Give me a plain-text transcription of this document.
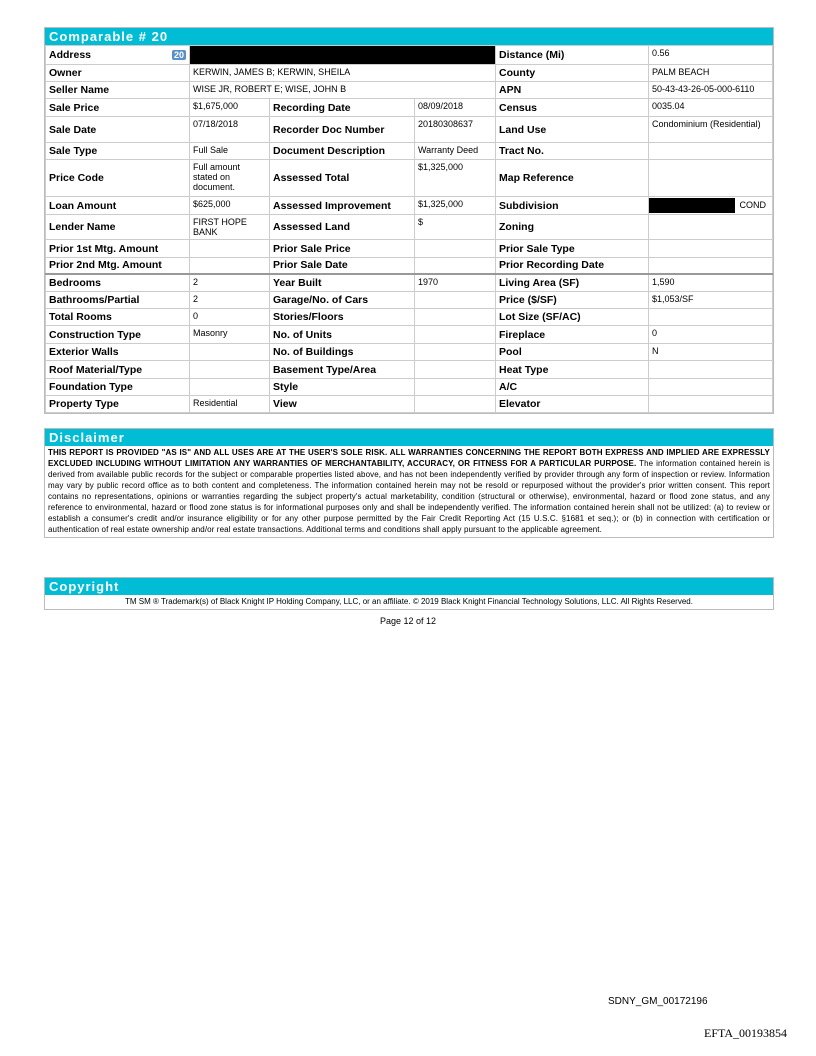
Comparable # 20
Address 20				Distance (Mi)	0.56
Owner	KERWIN, JAMES B; KERWIN, SHEILA			County	PALM BEACH
Seller Name	WISE JR, ROBERT E; WISE, JOHN B			APN	50-43-43-26-05-000-6110
Sale Price	$1,675,000	Recording Date	08/09/2018	Census	0035.04
Sale Date	07/18/2018	Recorder Doc Number	20180308637	Land Use	Condominium (Residential)
Sale Type	Full Sale	Document Description	Warranty Deed	Tract No.	
Price Code	Full amount stated on document.	Assessed Total	$1,325,000	Map Reference	
Loan Amount	$625,000	Assessed Improvement	$1,325,000	Subdivision	COND

Lender Name	FIRST HOPE BANK	Assessed Land	$	Zoning	
Prior 1st Mtg. Amount		Prior Sale Price		Prior Sale Type	
Prior 2nd Mtg. Amount		Prior Sale Date		Prior Recording Date	
Bedrooms	2	Year Built	1970	Living Area (SF)	1,590
Bathrooms/Partial	2	Garage/No. of Cars		Price ($/SF)	$1,053/SF
Total Rooms	0	Stories/Floors		Lot Size (SF/AC)	
Construction Type	Masonry	No. of Units		Fireplace	0
Exterior Walls		No. of Buildings		Pool	N
Roof Material/Type		Basement Type/Area		Heat Type	
Foundation Type		Style		A/C	
Property Type	Residential	View		Elevator	
Disclaimer
THIS REPORT IS PROVIDED "AS IS" AND ALL USES ARE AT THE USER'S SOLE RISK. ALL WARRANTIES CONCERNING THE REPORT BOTH EXPRESS AND IMPLIED ARE EXPRESSLY EXCLUDED INCLUDING WITHOUT LIMITATION ANY WARRANTIES OF MERCHANTABILITY, ACCURACY, OR FITNESS FOR A PARTICULAR PURPOSE. The information contained herein is derived from available public records for the subject or comparable properties listed above, and has not been independently verified by provider through any form of inspection or review. Information may vary by public record office as to both content and completeness. The information contained herein may not be resold or repurposed without the provider's prior written consent. This report contains no representations, opinions or warranties regarding the subject property's actual marketability, condition (structural or otherwise), environmental, hazard or flood zone status, and any reference to environmental, hazard or flood zone status is for informational purposes only and shall be independently verified. The information contained herein shall not be utilized: (a) to review or establish a consumer's credit and/or insurance eligibility or for any other purpose permitted by the Fair Credit Reporting Act (15 U.S.C. §1681 et seq.); or (b) in connection with certification or authentication of real estate ownership and/or real estate transactions. Additional terms and conditions shall apply pursuant to the applicable agreement.
Copyright
TM SM ® Trademark(s) of Black Knight IP Holding Company, LLC, or an affiliate. © 2019 Black Knight Financial Technology Solutions, LLC. All Rights Reserved.
Page 12 of 12
SDNY_GM_00172196
EFTA_00193854
